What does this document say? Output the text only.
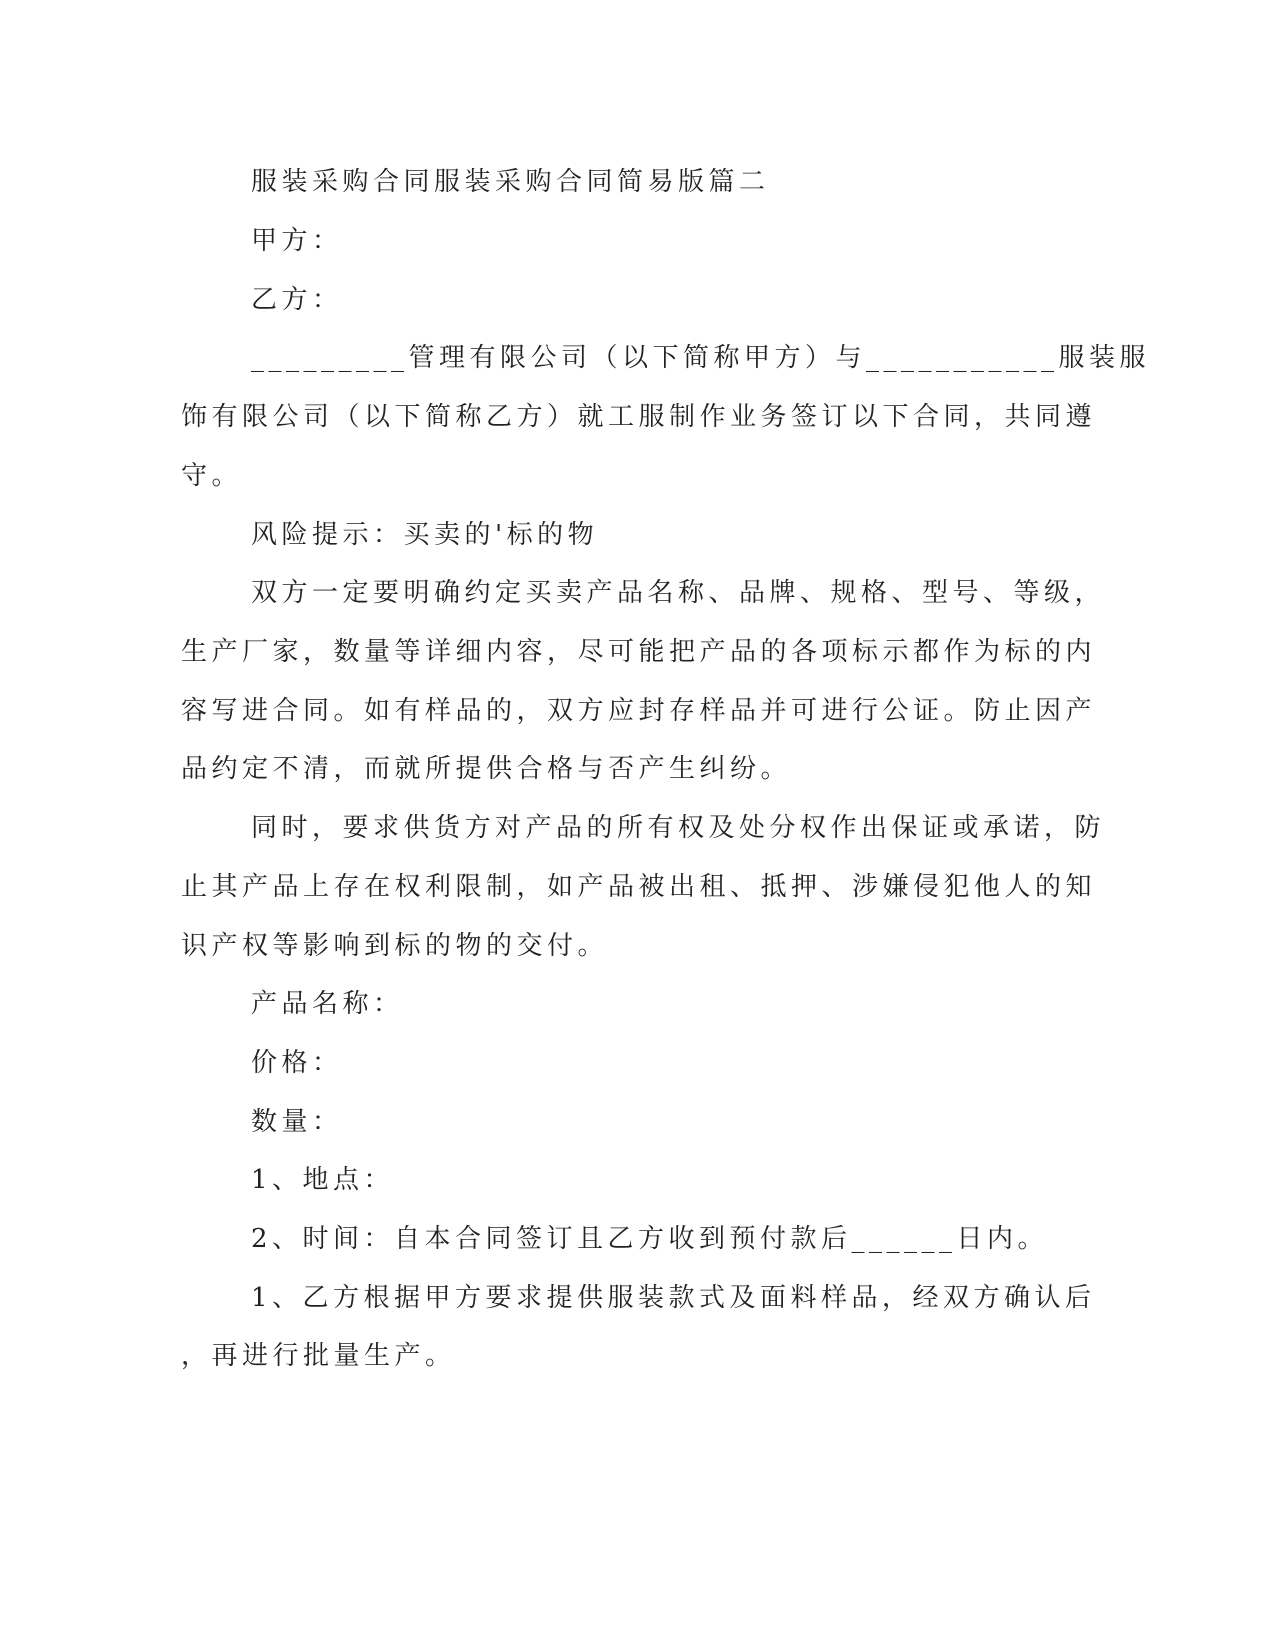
服装采购合同服装采购合同简易版篇二
甲方：
乙方：
_________管理有限公司（以下简称甲方）与___________服装服
饰有限公司（以下简称乙方）就工服制作业务签订以下合同，共同遵
守。
风险提示：买卖的'标的物
双方一定要明确约定买卖产品名称、品牌、规格、型号、等级，
生产厂家，数量等详细内容，尽可能把产品的各项标示都作为标的内
容写进合同。如有样品的，双方应封存样品并可进行公证。防止因产
品约定不清，而就所提供合格与否产生纠纷。
同时，要求供货方对产品的所有权及处分权作出保证或承诺，防
止其产品上存在权利限制，如产品被出租、抵押、涉嫌侵犯他人的知
识产权等影响到标的物的交付。
产品名称：
价格：
数量：
1、地点：
2、时间：自本合同签订且乙方收到预付款后______日内。
1、乙方根据甲方要求提供服装款式及面料样品，经双方确认后
，再进行批量生产。
